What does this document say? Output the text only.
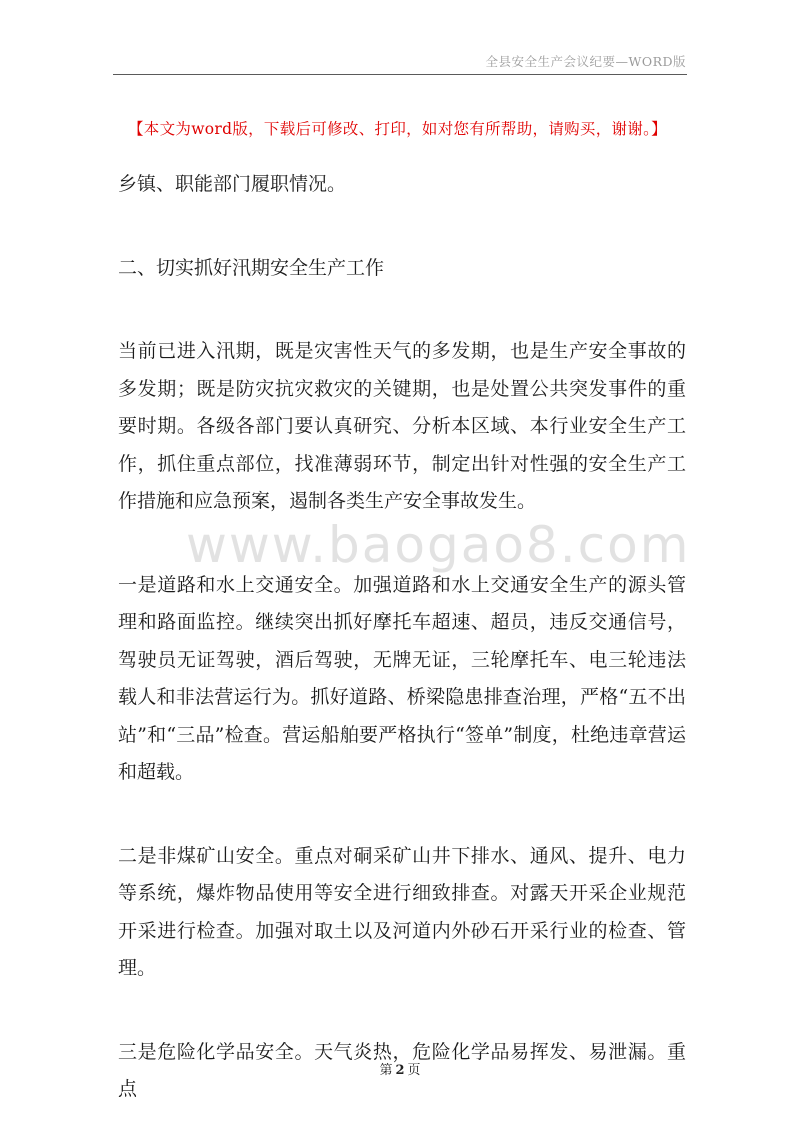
全县安全生产会议纪要—WORD版
【本文为word版，下载后可修改、打印，如对您有所帮助，请购买，谢谢。】
www.baogao8.com

乡镇、职能部门履职情况。

二、切实抓好汛期安全生产工作

当前已进入汛期，既是灾害性天气的多发期，也是生产安全事故的多发期；既是防灾抗灾救灾的关键期，也是处置公共突发事件的重要时期。各级各部门要认真研究、分析本区域、本行业安全生产工作，抓住重点部位，找准薄弱环节，制定出针对性强的安全生产工作措施和应急预案，遏制各类生产安全事故发生。

一是道路和水上交通安全。加强道路和水上交通安全生产的源头管理和路面监控。继续突出抓好摩托车超速、超员，违反交通信号，驾驶员无证驾驶，酒后驾驶，无牌无证，三轮摩托车、电三轮违法载人和非法营运行为。抓好道路、桥梁隐患排查治理，严格“五不出站”和“三品”检查。营运船舶要严格执行“签单”制度，杜绝违章营运和超载。

二是非煤矿山安全。重点对硐采矿山井下排水、通风、提升、电力等系统，爆炸物品使用等安全进行细致排查。对露天开采企业规范开采进行检查。加强对取土以及河道内外砂石开采行业的检查、管理。

三是危险化学品安全。天气炎热，危险化学品易挥发、易泄漏。重点

第 2 页
